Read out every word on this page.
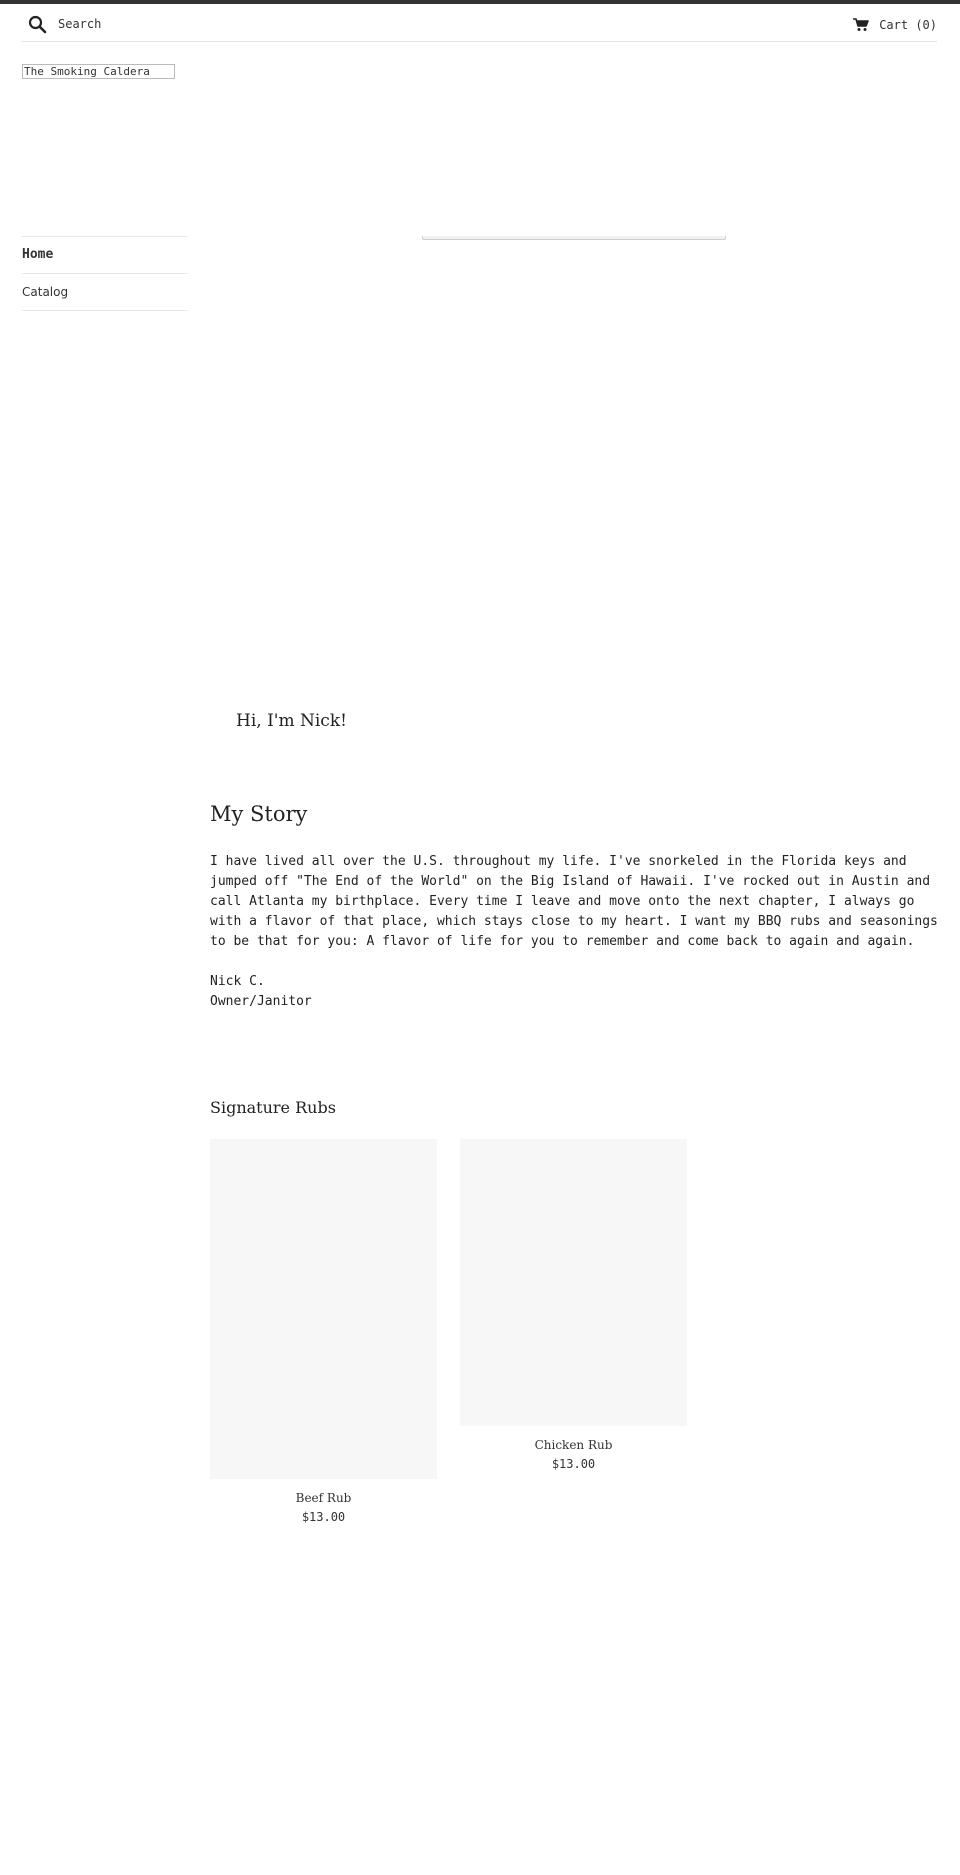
Search
Cart (0)
The Smoking Caldera
Home
Catalog
Hi, I'm Nick!
My Story

I have lived all over the U.S. throughout my life. I've snorkeled in the Florida keys and jumped off "The End of the World" on the Big Island of Hawaii. I've rocked out in Austin and call Atlanta my birthplace. Every time I leave and move onto the next chapter, I always go with a flavor of that place, which stays close to my heart. I want my BBQ rubs and seasonings to be that for you: A flavor of life for you to remember and come back to again and again.

Nick C.
Owner/Janitor
Signature Rubs
Beef Rub
$13.00
Chicken Rub
$13.00
